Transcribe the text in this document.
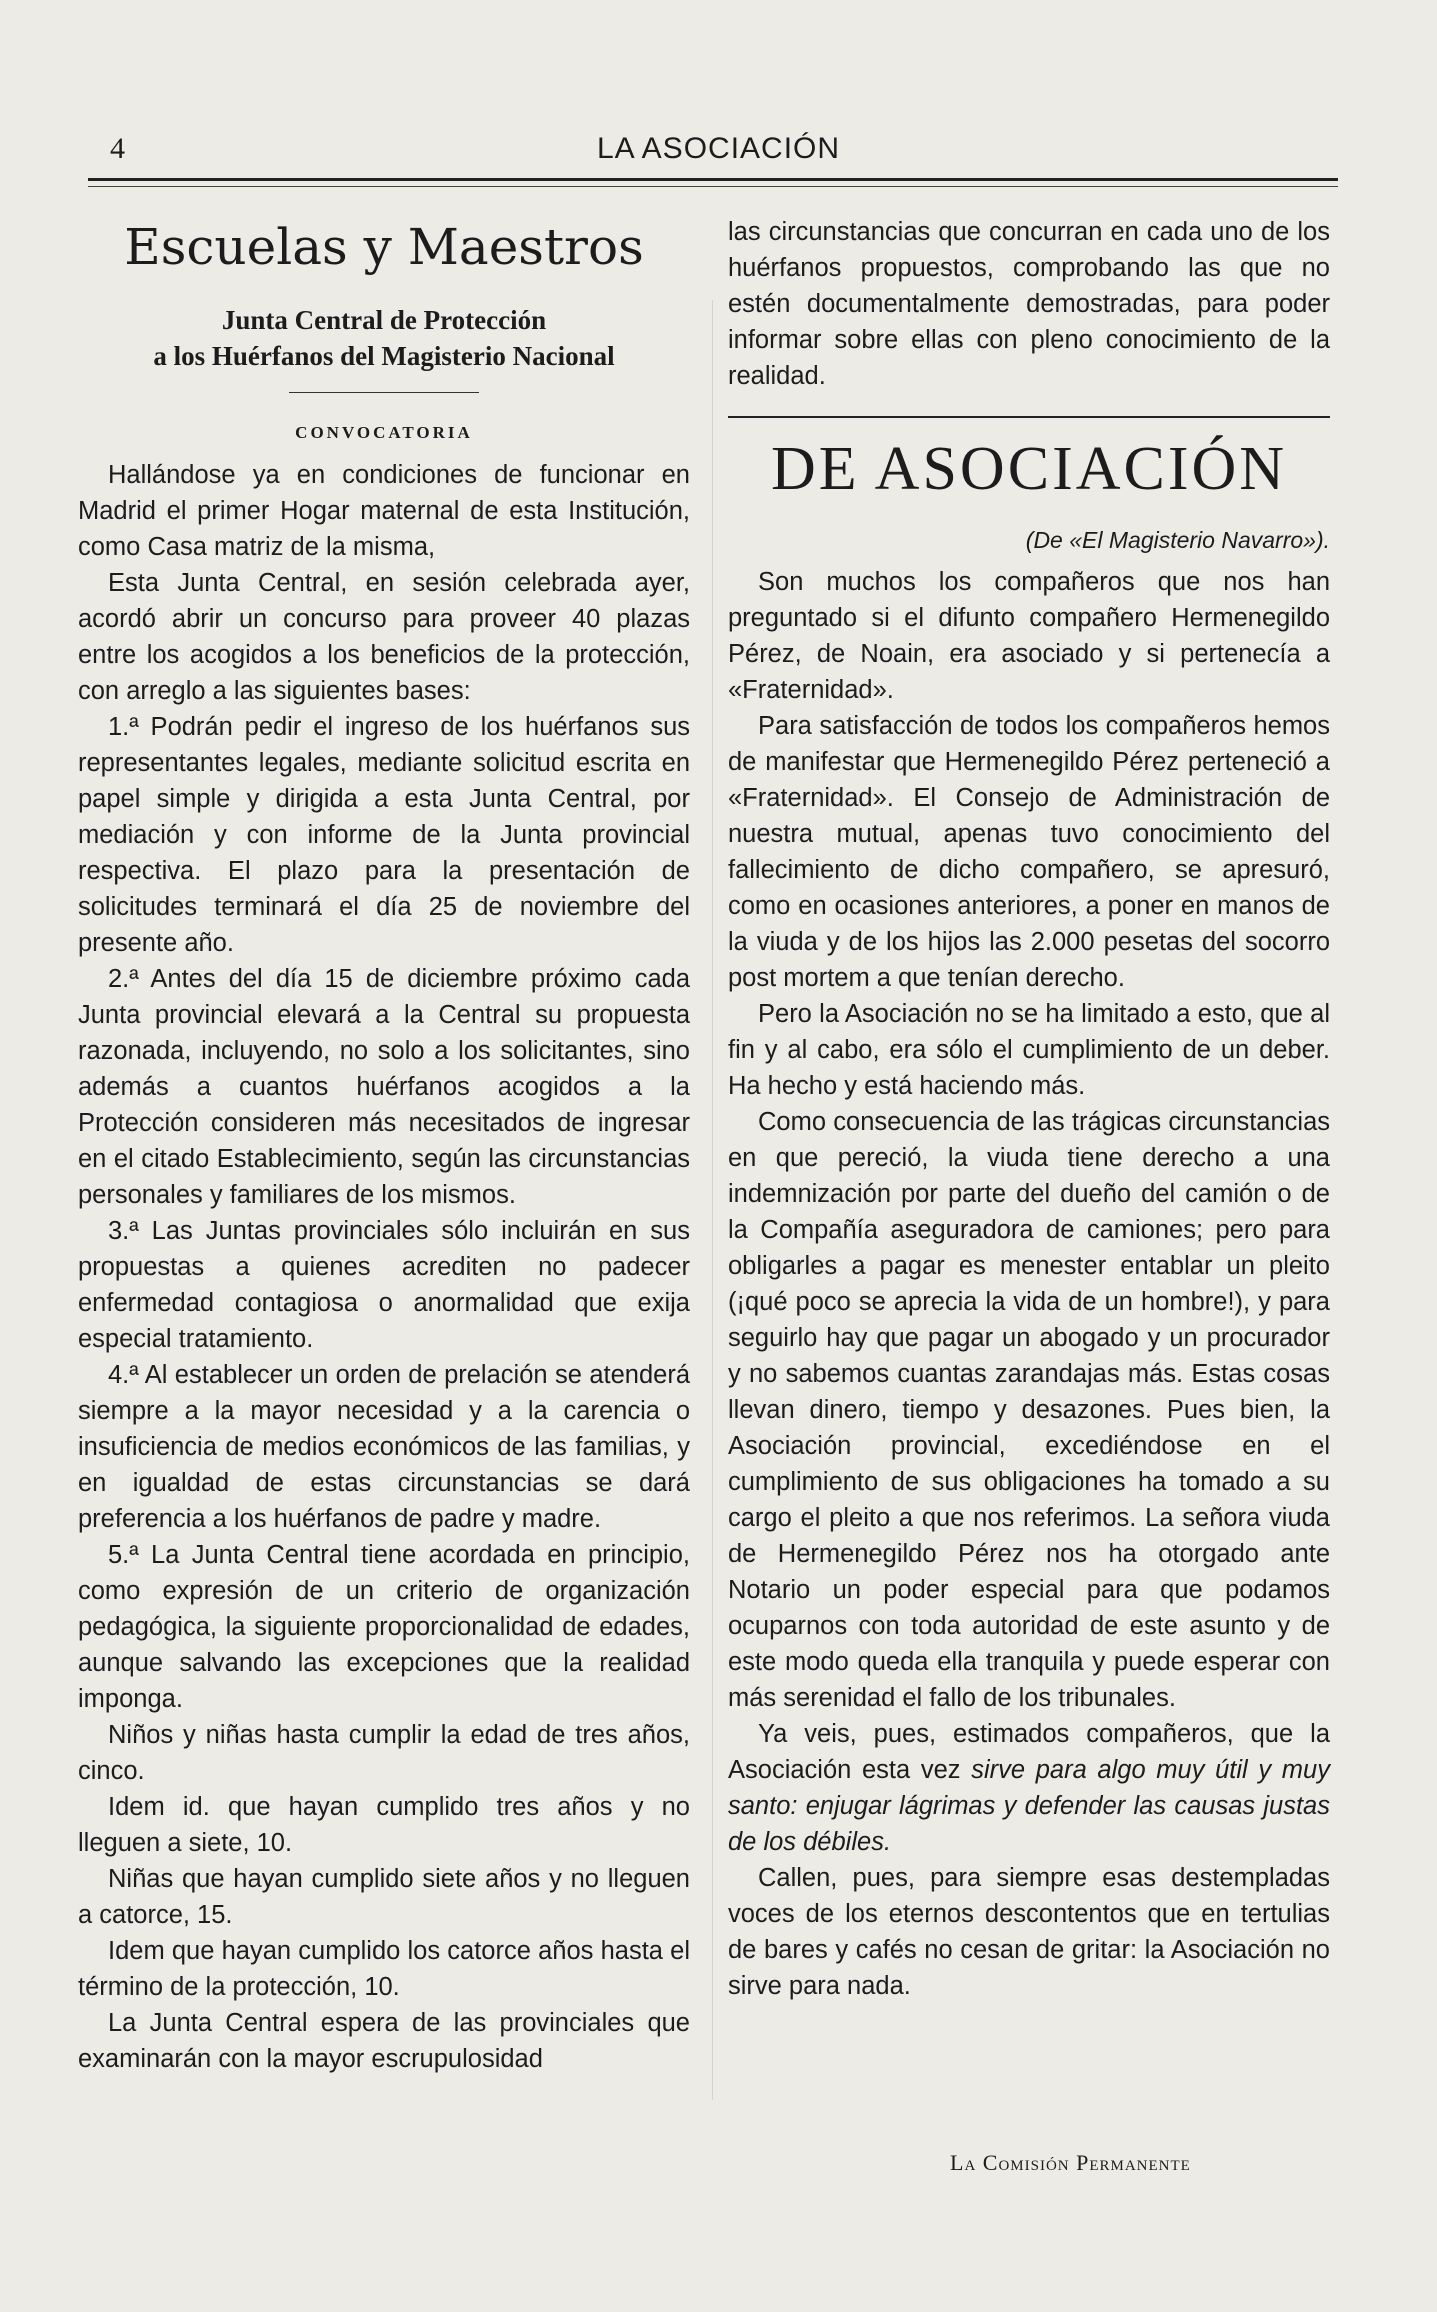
4	LA ASOCIACIÓN
Escuelas y Maestros
Junta Central de Protección
a los Huérfanos del Magisterio Nacional
CONVOCATORIA

Hallándose ya en condiciones de funcionar en Madrid el primer Hogar maternal de esta Institución, como Casa matriz de la misma,

Esta Junta Central, en sesión celebrada ayer, acordó abrir un concurso para proveer 40 plazas entre los acogidos a los beneficios de la protección, con arreglo a las siguientes bases:

1.ª Podrán pedir el ingreso de los huérfanos sus representantes legales, mediante solicitud escrita en papel simple y dirigida a esta Junta Central, por mediación y con informe de la Junta provincial respectiva. El plazo para la presentación de solicitudes terminará el día 25 de noviembre del presente año.

2.ª Antes del día 15 de diciembre próximo cada Junta provincial elevará a la Central su propuesta razonada, incluyendo, no solo a los solicitantes, sino además a cuantos huérfanos acogidos a la Protección consideren más necesitados de ingresar en el citado Establecimiento, según las circunstancias personales y familiares de los mismos.

3.ª Las Juntas provinciales sólo incluirán en sus propuestas a quienes acrediten no padecer enfermedad contagiosa o anormalidad que exija especial tratamiento.

4.ª Al establecer un orden de prelación se atenderá siempre a la mayor necesidad y a la carencia o insuficiencia de medios económicos de las familias, y en igualdad de estas circunstancias se dará preferencia a los huérfanos de padre y madre.

5.ª La Junta Central tiene acordada en principio, como expresión de un criterio de organización pedagógica, la siguiente proporcionalidad de edades, aunque salvando las excepciones que la realidad imponga.

Niños y niñas hasta cumplir la edad de tres años, cinco.

Idem id. que hayan cumplido tres años y no lleguen a siete, 10.

Niñas que hayan cumplido siete años y no lleguen a catorce, 15.

Idem que hayan cumplido los catorce años hasta el término de la protección, 10.

La Junta Central espera de las provinciales que examinarán con la mayor escrupulosidad

las circunstancias que concurran en cada uno de los huérfanos propuestos, comprobando las que no estén documentalmente demostradas, para poder informar sobre ellas con pleno conocimiento de la realidad.

DE ASOCIACIÓN
(De «El Magisterio Navarro»).

Son muchos los compañeros que nos han preguntado si el difunto compañero Hermenegildo Pérez, de Noain, era asociado y si pertenecía a «Fraternidad».

Para satisfacción de todos los compañeros hemos de manifestar que Hermenegildo Pérez perteneció a «Fraternidad». El Consejo de Administración de nuestra mutual, apenas tuvo conocimiento del fallecimiento de dicho compañero, se apresuró, como en ocasiones anteriores, a poner en manos de la viuda y de los hijos las 2.000 pesetas del socorro post mortem a que tenían derecho.

Pero la Asociación no se ha limitado a esto, que al fin y al cabo, era sólo el cumplimiento de un deber. Ha hecho y está haciendo más.

Como consecuencia de las trágicas circunstancias en que pereció, la viuda tiene derecho a una indemnización por parte del dueño del camión o de la Compañía aseguradora de camiones; pero para obligarles a pagar es menester entablar un pleito (¡qué poco se aprecia la vida de un hombre!), y para seguirlo hay que pagar un abogado y un procurador y no sabemos cuantas zarandajas más. Estas cosas llevan dinero, tiempo y desazones. Pues bien, la Asociación provincial, excediéndose en el cumplimiento de sus obligaciones ha tomado a su cargo el pleito a que nos referimos. La señora viuda de Hermenegildo Pérez nos ha otorgado ante Notario un poder especial para que podamos ocuparnos con toda autoridad de este asunto y de este modo queda ella tranquila y puede esperar con más serenidad el fallo de los tribunales.

Ya veis, pues, estimados compañeros, que la Asociación esta vez sirve para algo muy útil y muy santo: enjugar lágrimas y defender las causas justas de los débiles.

Callen, pues, para siempre esas destempladas voces de los eternos descontentos que en tertulias de bares y cafés no cesan de gritar: la Asociación no sirve para nada.

La Comisión Permanente
